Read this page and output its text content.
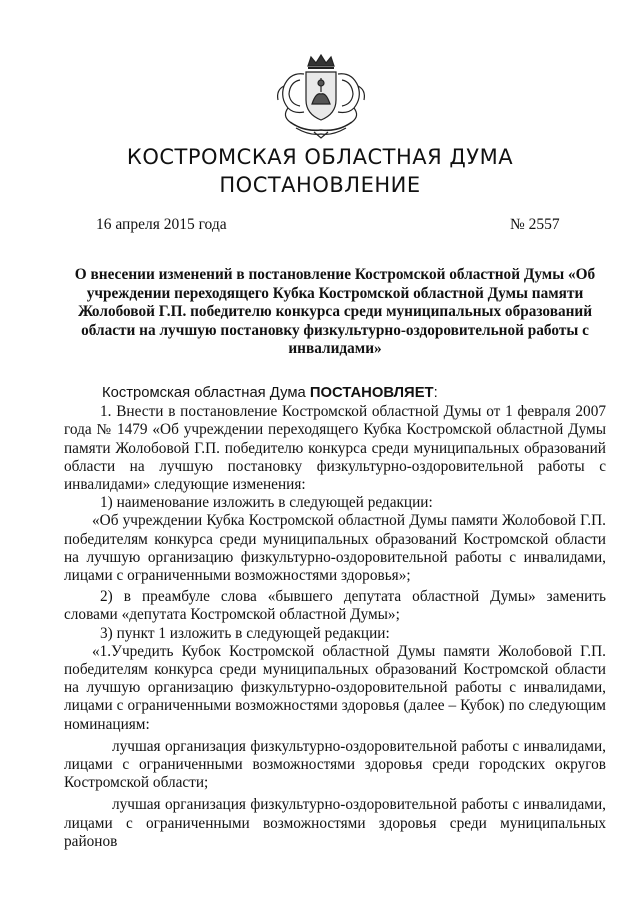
КОСТРОМСКАЯ ОБЛАСТНАЯ ДУМА
ПОСТАНОВЛЕНИЕ
16 апреля 2015 года	№ 2557
О внесении изменений в постановление Костромской областной Думы «Об учреждении переходящего Кубка Костромской областной Думы памяти Жолобовой Г.П. победителю конкурса среди муниципальных образований области на лучшую постановку физкультурно-оздоровительной работы с инвалидами»

Костромская областная Дума ПОСТАНОВЛЯЕТ:

1. Внести в постановление Костромской областной Думы от 1 февраля 2007 года № 1479 «Об учреждении переходящего Кубка Костромской областной Думы памяти Жолобовой Г.П. победителю конкурса среди муниципальных образований области на лучшую постановку физкультурно-оздоровительной работы с инвалидами» следующие изменения:

1) наименование изложить в следующей редакции:

«Об учреждении Кубка Костромской областной Думы памяти Жолобовой Г.П. победителям конкурса среди муниципальных образований Костромской области на лучшую организацию физкультурно-оздоровительной работы с инвалидами, лицами с ограниченными возможностями здоровья»;

2) в преамбуле слова «бывшего депутата областной Думы» заменить словами «депутата Костромской областной Думы»;

3) пункт 1 изложить в следующей редакции:

«1.Учредить Кубок Костромской областной Думы памяти Жолобовой Г.П. победителям конкурса среди муниципальных образований Костромской области на лучшую организацию физкультурно-оздоровительной работы с инвалидами, лицами с ограниченными возможностями здоровья (далее – Кубок) по следующим номинациям:

лучшая организация физкультурно-оздоровительной работы с инвалидами, лицами с ограниченными возможностями здоровья среди городских округов Костромской области;

лучшая организация физкультурно-оздоровительной работы с инвалидами, лицами с ограниченными возможностями здоровья среди муниципальных районов
